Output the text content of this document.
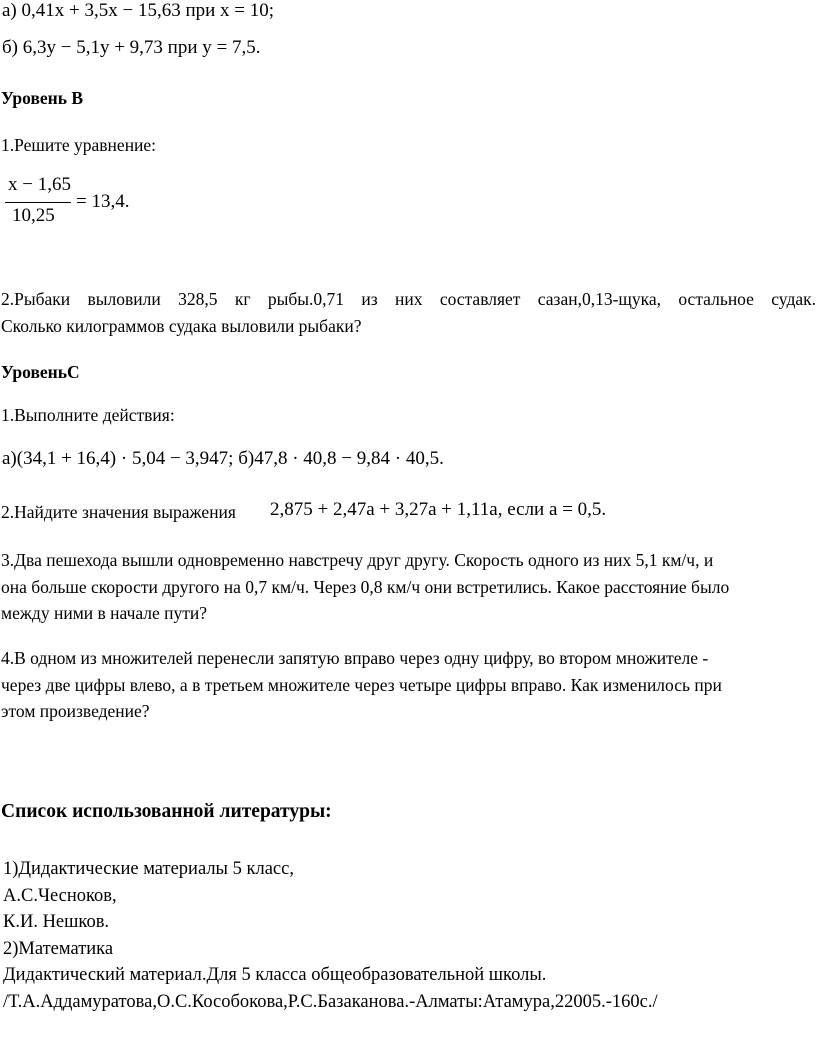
а) 0,41x + 3,5x − 15,63 при x = 10;
б) 6,3y − 5,1y + 9,73 при y = 7,5.
Уровень В
1.Решите уравнение:
x − 1,65
10,25
= 13,4.
2.Рыбаки выловили 328,5 кг рыбы.0,71 из них составляет сазан,0,13-щука, остальное судак.
Сколько килограммов судака выловили рыбаки?
УровеньС
1.Выполните действия:
а)(34,1 + 16,4) · 5,04 − 3,947; б)47,8 · 40,8 − 9,84 · 40,5.
2.Найдите значения выражения 2,875 + 2,47a + 3,27a + 1,11a, если a = 0,5.
3.Два пешехода вышли одновременно навстречу друг другу. Скорость одного из них 5,1 км/ч, и
она больше скорости другого на 0,7 км/ч. Через 0,8 км/ч они встретились. Какое расстояние было
между ними в начале пути?
4.В одном из множителей перенесли запятую вправо через одну цифру, во втором множителе -
через две цифры влево, а в третьем множителе через четыре цифры вправо. Как изменилось при
этом произведение?
Список использованной литературы:
1)Дидактические материалы 5 класс,
А.С.Чесноков,
К.И. Нешков.
2)Математика
Дидактический материал.Для 5 класса общеобразовательной школы.
/Т.А.Аддамуратова,О.С.Кособокова,Р.С.Базаканова.-Алматы:Атамура,22005.-160с./
